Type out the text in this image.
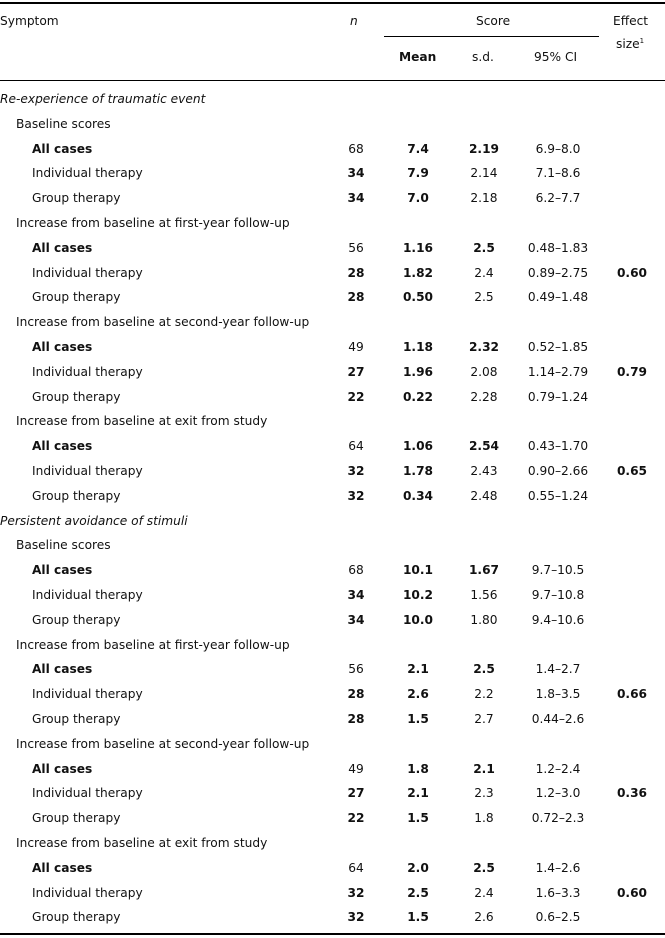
Symptom	n	Score
Mean	s.d.	95% CI
Effect
size$^1$
Re-experience of traumatic event
Baseline scores
All cases	68	7.4	2.19	6.9–8.0
Individual therapy	34	7.9	2.14	7.1–8.6
Group therapy	34	7.0	2.18	6.2–7.7
Increase from baseline at first-year follow-up
All cases	56	1.16	2.5	0.48–1.83
Individual therapy	28	1.82	2.4	0.89–2.75	0.60
Group therapy	28	0.50	2.5	0.49–1.48
Increase from baseline at second-year follow-up
All cases	49	1.18	2.32	0.52–1.85
Individual therapy	27	1.96	2.08	1.14–2.79	0.79
Group therapy	22	0.22	2.28	0.79–1.24
Increase from baseline at exit from study
All cases	64	1.06	2.54	0.43–1.70
Individual therapy	32	1.78	2.43	0.90–2.66	0.65
Group therapy	32	0.34	2.48	0.55–1.24
Persistent avoidance of stimuli
Baseline scores
All cases	68	10.1	1.67	9.7–10.5
Individual therapy	34	10.2	1.56	9.7–10.8
Group therapy	34	10.0	1.80	9.4–10.6
Increase from baseline at first-year follow-up
All cases	56	2.1	2.5	1.4–2.7
Individual therapy	28	2.6	2.2	1.8–3.5	0.66
Group therapy	28	1.5	2.7	0.44–2.6
Increase from baseline at second-year follow-up
All cases	49	1.8	2.1	1.2–2.4
Individual therapy	27	2.1	2.3	1.2–3.0	0.36
Group therapy	22	1.5	1.8	0.72–2.3
Increase from baseline at exit from study
All cases	64	2.0	2.5	1.4–2.6
Individual therapy	32	2.5	2.4	1.6–3.3	0.60
Group therapy	32	1.5	2.6	0.6–2.5
